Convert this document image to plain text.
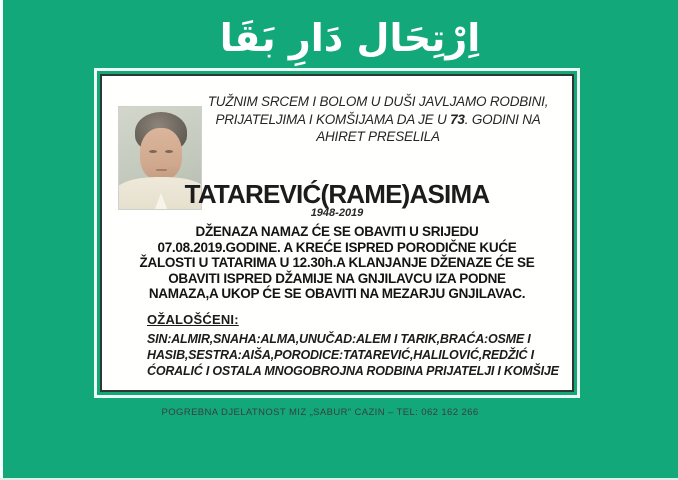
اِرْتِحَال دَارِ بَقَا
TUŽNIM SRCEM I BOLOM U DUŠI JAVLJAMO RODBINI,
PRIJATELJIMA I KOMŠIJAMA DA JE U 73. GODINI NA
AHIRET PRESELILA
TATAREVIĆ(RAME)ASIMA
1948-2019
DŽENAZA NAMAZ ĆE SE OBAVITI U SRIJEDU
07.08.2019.GODINE. A KREĆE ISPRED PORODIČNE KUĆE
ŽALOSTI U TATARIMA U 12.30h.A KLANJANJE DŽENAZE ĆE SE
OBAVITI ISPRED DŽAMIJE NA GNJILAVCU IZA PODNE
NAMAZA,A UKOP ĆE SE OBAVITI NA MEZARJU GNJILAVAC.
OŽALOŠĆENI:
SIN:ALMIR,SNAHA:ALMA,UNUČAD:ALEM I TARIK,BRAĆA:OSME I
HASIB,SESTRA:AIŠA,PORODICE:TATAREVIĆ,HALILOVIĆ,REDŽIĆ I
ĆORALIĆ I OSTALA MNOGOBROJNA RODBINA PRIJATELJI I KOMŠIJE
POGREBNA DJELATNOST MIZ „SABUR” CAZIN – TEL: 062 162 266
